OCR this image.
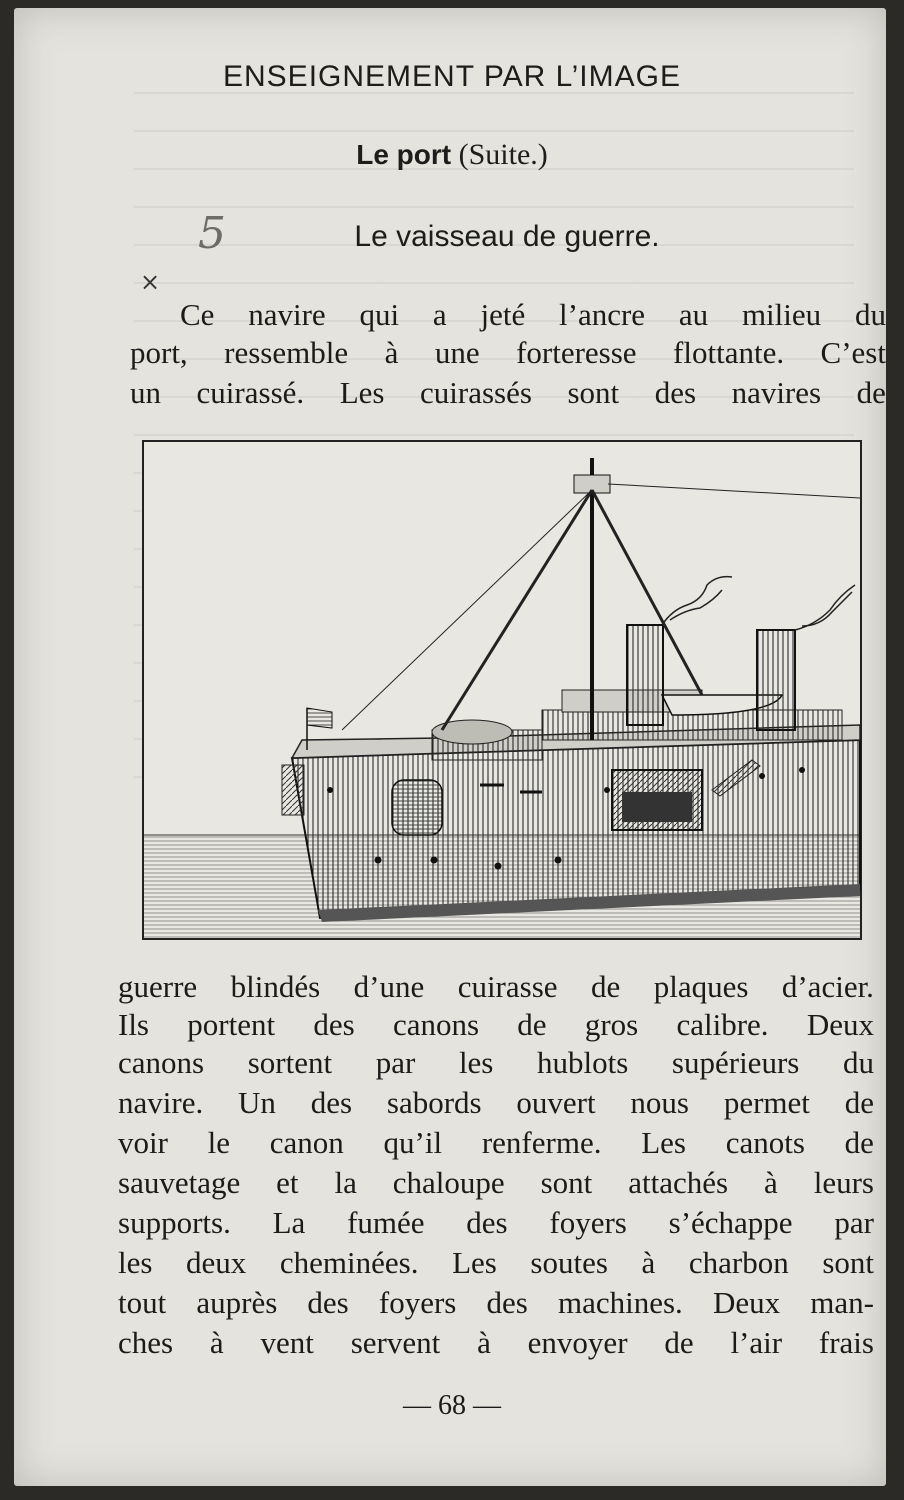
ENSEIGNEMENT PAR L’IMAGE
Le port (Suite.)
5
×
Le vaisseau de guerre.
Ce navire qui a jeté l’ancre au milieu du
port, ressemble à une forteresse flottante. C’est
un cuirassé. Les cuirassés sont des navires de
guerre blindés d’une cuirasse de plaques d’acier.
Ils portent des canons de gros calibre. Deux
canons sortent par les hublots supérieurs du
navire. Un des sabords ouvert nous permet de
voir le canon qu’il renferme. Les canots de
sauvetage et la chaloupe sont attachés à leurs
supports. La fumée des foyers s’échappe par
les deux cheminées. Les soutes à charbon sont
tout auprès des foyers des machines. Deux man-
ches à vent servent à envoyer de l’air frais
— 68 —
